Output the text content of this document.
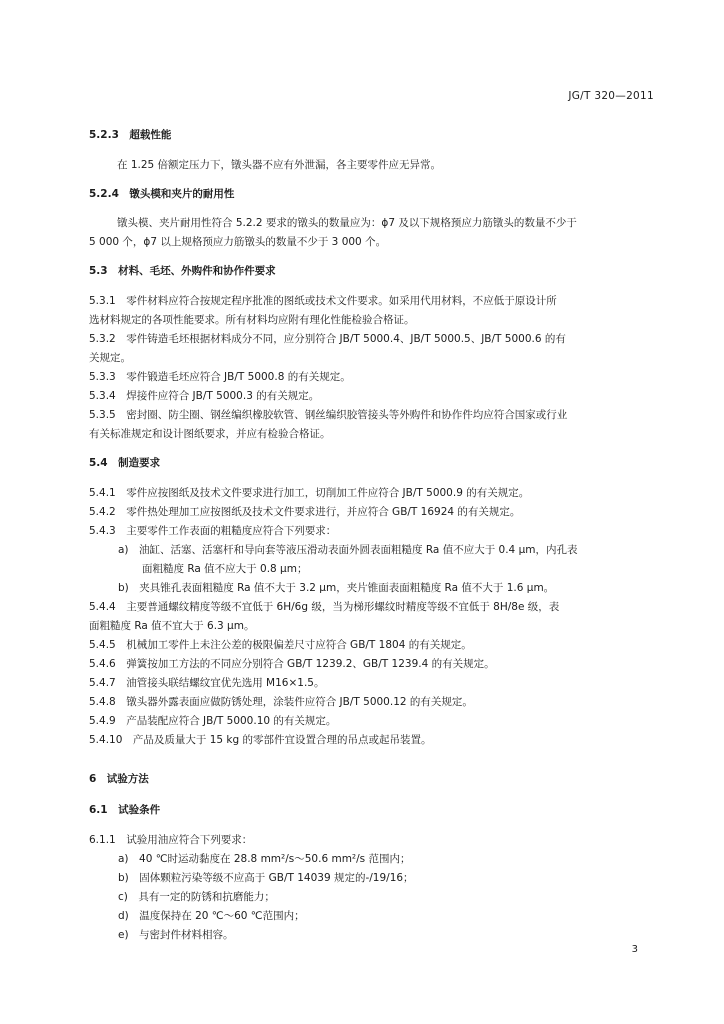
JG/T 320—2011
5.2.3　超载性能
在 1.25 倍额定压力下，镦头器不应有外泄漏，各主要零件应无异常。
5.2.4　镦头模和夹片的耐用性
镦头模、夹片耐用性符合 5.2.2 要求的镦头的数量应为：ϕ7 及以下规格预应力筋镦头的数量不少于
5 000 个，ϕ7 以上规格预应力筋镦头的数量不少于 3 000 个。
5.3　材料、毛坯、外购件和协作件要求
5.3.1　零件材料应符合按规定程序批准的图纸或技术文件要求。如采用代用材料，不应低于原设计所
选材料规定的各项性能要求。所有材料均应附有理化性能检验合格证。
5.3.2　零件铸造毛坯根据材料成分不同，应分别符合 JB/T 5000.4、JB/T 5000.5、JB/T 5000.6 的有
关规定。
5.3.3　零件锻造毛坯应符合 JB/T 5000.8 的有关规定。
5.3.4　焊接件应符合 JB/T 5000.3 的有关规定。
5.3.5　密封圈、防尘圈、钢丝编织橡胶软管、钢丝编织胶管接头等外购件和协作件均应符合国家或行业
有关标准规定和设计图纸要求，并应有检验合格证。
5.4　制造要求
5.4.1　零件应按图纸及技术文件要求进行加工，切削加工件应符合 JB/T 5000.9 的有关规定。
5.4.2　零件热处理加工应按图纸及技术文件要求进行，并应符合 GB/T 16924 的有关规定。
5.4.3　主要零件工作表面的粗糙度应符合下列要求：
a)　油缸、活塞、活塞杆和导向套等液压滑动表面外圆表面粗糙度 Ra 值不应大于 0.4 μm，内孔表
面粗糙度 Ra 值不应大于 0.8 μm；
b)　夹具锥孔表面粗糙度 Ra 值不大于 3.2 μm，夹片锥面表面粗糙度 Ra 值不大于 1.6 μm。
5.4.4　主要普通螺纹精度等级不宜低于 6H/6g 级，当为梯形螺纹时精度等级不宜低于 8H/8e 级，表
面粗糙度 Ra 值不宜大于 6.3 μm。
5.4.5　机械加工零件上未注公差的极限偏差尺寸应符合 GB/T 1804 的有关规定。
5.4.6　弹簧按加工方法的不同应分别符合 GB/T 1239.2、GB/T 1239.4 的有关规定。
5.4.7　油管接头联结螺纹宜优先选用 M16×1.5。
5.4.8　镦头器外露表面应做防锈处理，涂装件应符合 JB/T 5000.12 的有关规定。
5.4.9　产品装配应符合 JB/T 5000.10 的有关规定。
5.4.10　产品及质量大于 15 kg 的零部件宜设置合理的吊点或起吊装置。
6　试验方法
6.1　试验条件
6.1.1　试验用油应符合下列要求：
a)　40 ℃时运动黏度在 28.8 mm²/s～50.6 mm²/s 范围内；
b)　固体颗粒污染等级不应高于 GB/T 14039 规定的-/19/16；
c)　具有一定的防锈和抗磨能力；
d)　温度保持在 20 ℃～60 ℃范围内；
e)　与密封件材料相容。
3
